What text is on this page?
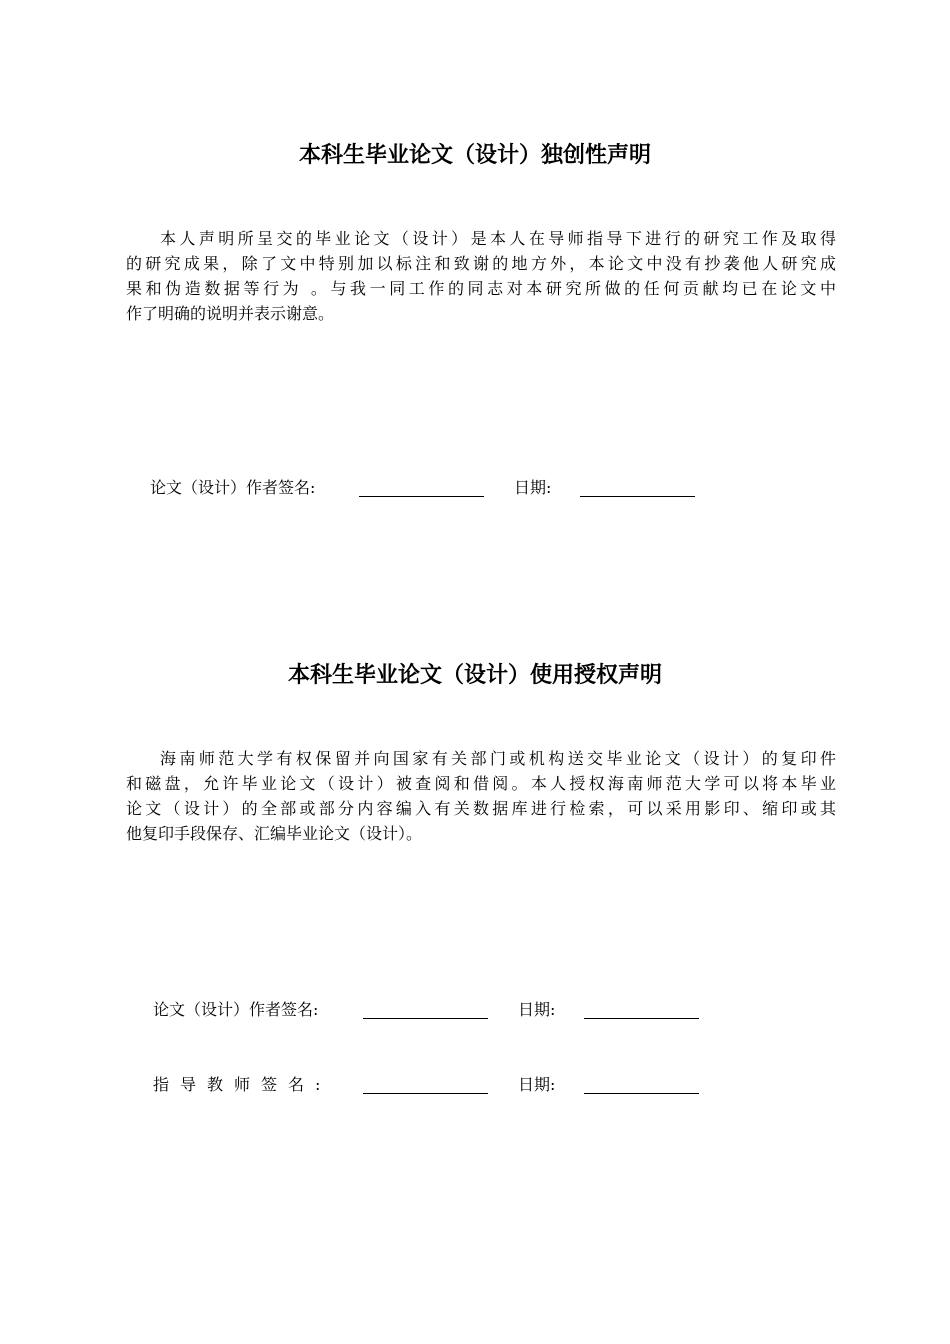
本科生毕业论文（设计）独创性声明
本人声明所呈交的毕业论文（设计）是本人在导师指导下进行的研究工作及取得
的研究成果，除了文中特别加以标注和致谢的地方外，本论文中没有抄袭他人研究成
果和伪造数据等行为 。与我一同工作的同志对本研究所做的任何贡献均已在论文中
作了明确的说明并表示谢意。
论文（设计）作者签名:	日期:
本科生毕业论文（设计）使用授权声明
海南师范大学有权保留并向国家有关部门或机构送交毕业论文（设计）的复印件
和磁盘，允许毕业论文（设计）被查阅和借阅。本人授权海南师范大学可以将本毕业
论文（设计）的全部或部分内容编入有关数据库进行检索，可以采用影印、缩印或其
他复印手段保存、汇编毕业论文（设计）。
论文（设计）作者签名:	日期:
指导教师签名:	日期:
